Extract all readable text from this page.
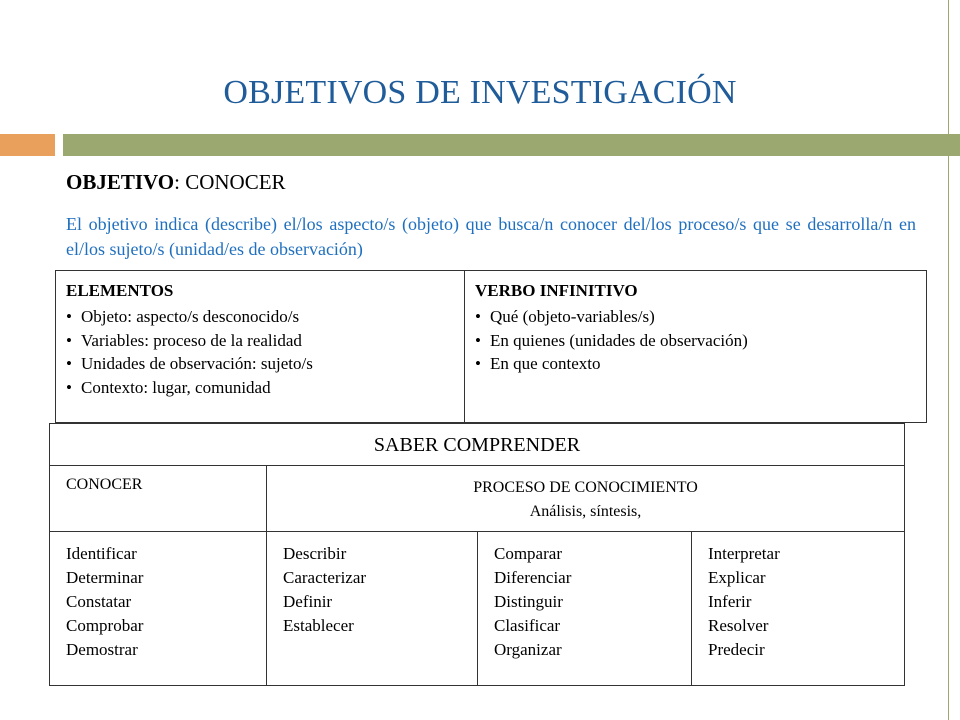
OBJETIVOS DE INVESTIGACIÓN
OBJETIVO: CONOCER
El objetivo indica (describe) el/los aspecto/s (objeto) que busca/n conocer del/los proceso/s que se desarrolla/n en el/los sujeto/s (unidad/es de observación)
ELEMENTOS
• Objeto: aspecto/s desconocido/s
• Variables: proceso de la realidad
• Unidades de observación: sujeto/s
• Contexto: lugar, comunidad
VERBO INFINITIVO
• Qué (objeto-variables/s)
• En quienes (unidades de observación)
• En que contexto
SABER COMPRENDER
CONOCER	PROCESO DE CONOCIMIENTO
Análisis, síntesis,
Identificar
Determinar
Constatar
Comprobar
Demostrar
Describir
Caracterizar
Definir
Establecer
Comparar
Diferenciar
Distinguir
Clasificar
Organizar
Interpretar
Explicar
Inferir
Resolver
Predecir
